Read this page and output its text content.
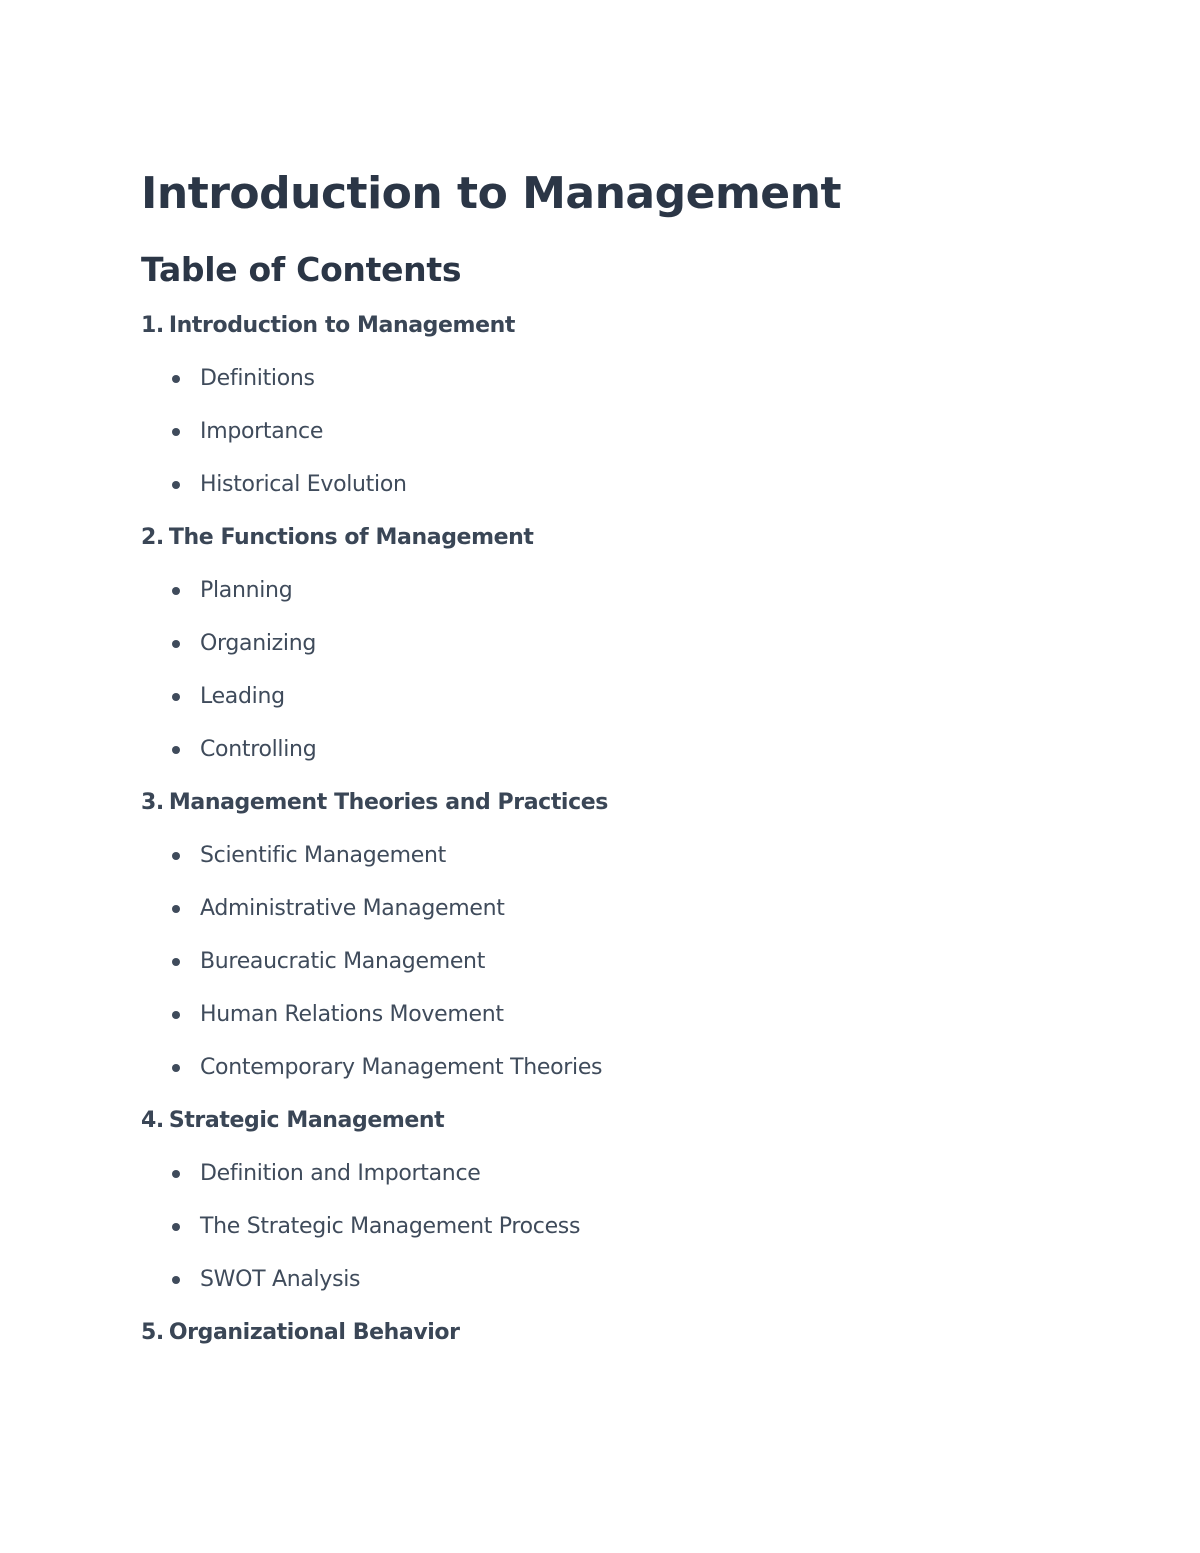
Introduction to Management
Table of Contents
1. Introduction to Management
Definitions
Importance
Historical Evolution
2. The Functions of Management
Planning
Organizing
Leading
Controlling
3. Management Theories and Practices
Scientific Management
Administrative Management
Bureaucratic Management
Human Relations Movement
Contemporary Management Theories
4. Strategic Management
Definition and Importance
The Strategic Management Process
SWOT Analysis
5. Organizational Behavior
